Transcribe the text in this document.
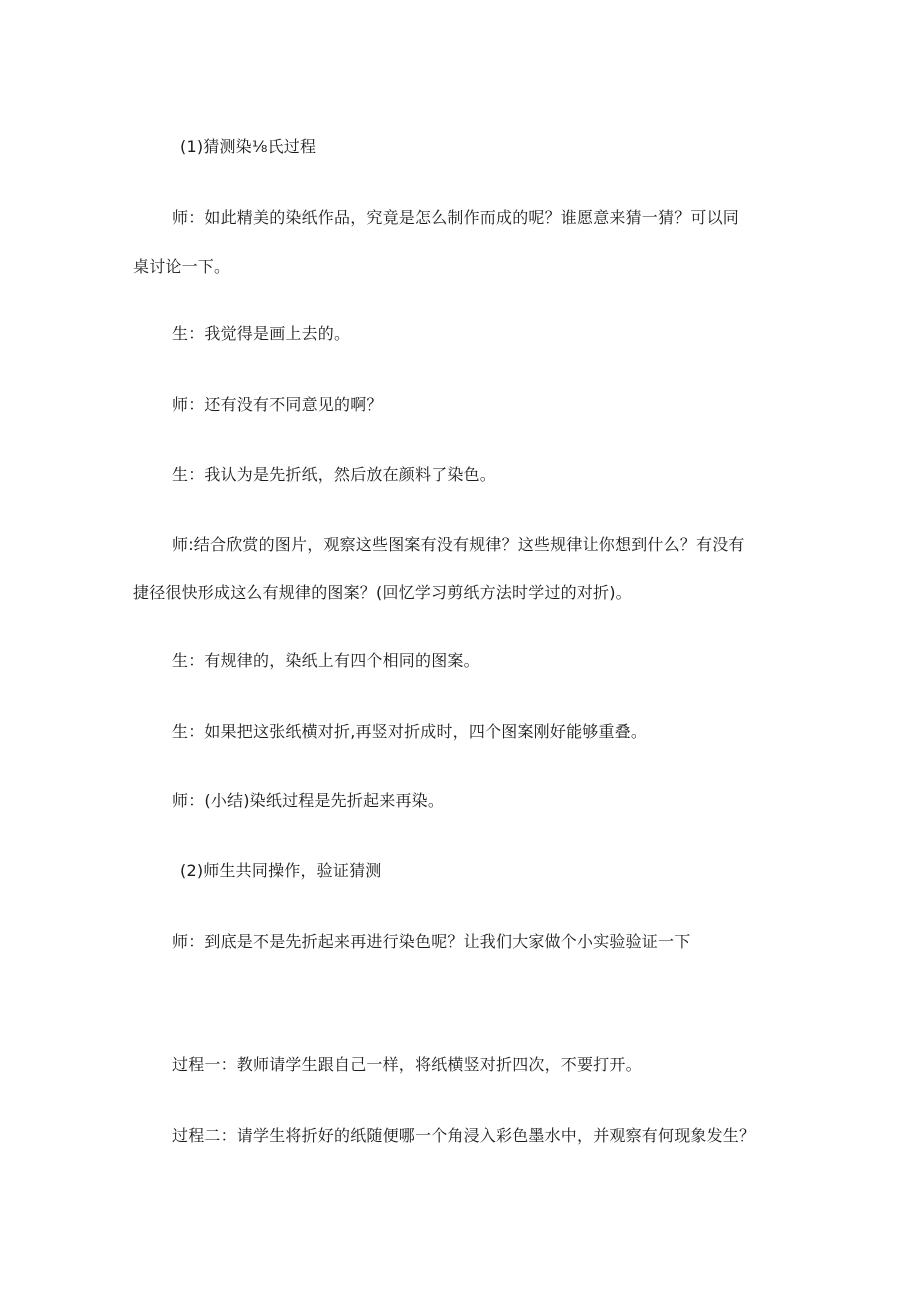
(1)猜测染⅛氏过程
师：如此精美的染纸作品，究竟是怎么制作而成的呢？谁愿意来猜一猜？可以同
桌讨论一下。
生：我觉得是画上去的。
师：还有没有不同意见的啊？
生：我认为是先折纸，然后放在颜料了染色。
师:结合欣赏的图片，观察这些图案有没有规律？这些规律让你想到什么？有没有
捷径很快形成这么有规律的图案？(回忆学习剪纸方法时学过的对折)。
生：有规律的，染纸上有四个相同的图案。
生：如果把这张纸横对折,再竖对折成时，四个图案刚好能够重叠。
师：(小结)染纸过程是先折起来再染。
(2)师生共同操作，验证猜测
师：到底是不是先折起来再进行染色呢？让我们大家做个小实验验证一下
过程一：教师请学生跟自己一样，将纸横竖对折四次，不要打开。
过程二：请学生将折好的纸随便哪一个角浸入彩色墨水中，并观察有何现象发生？
